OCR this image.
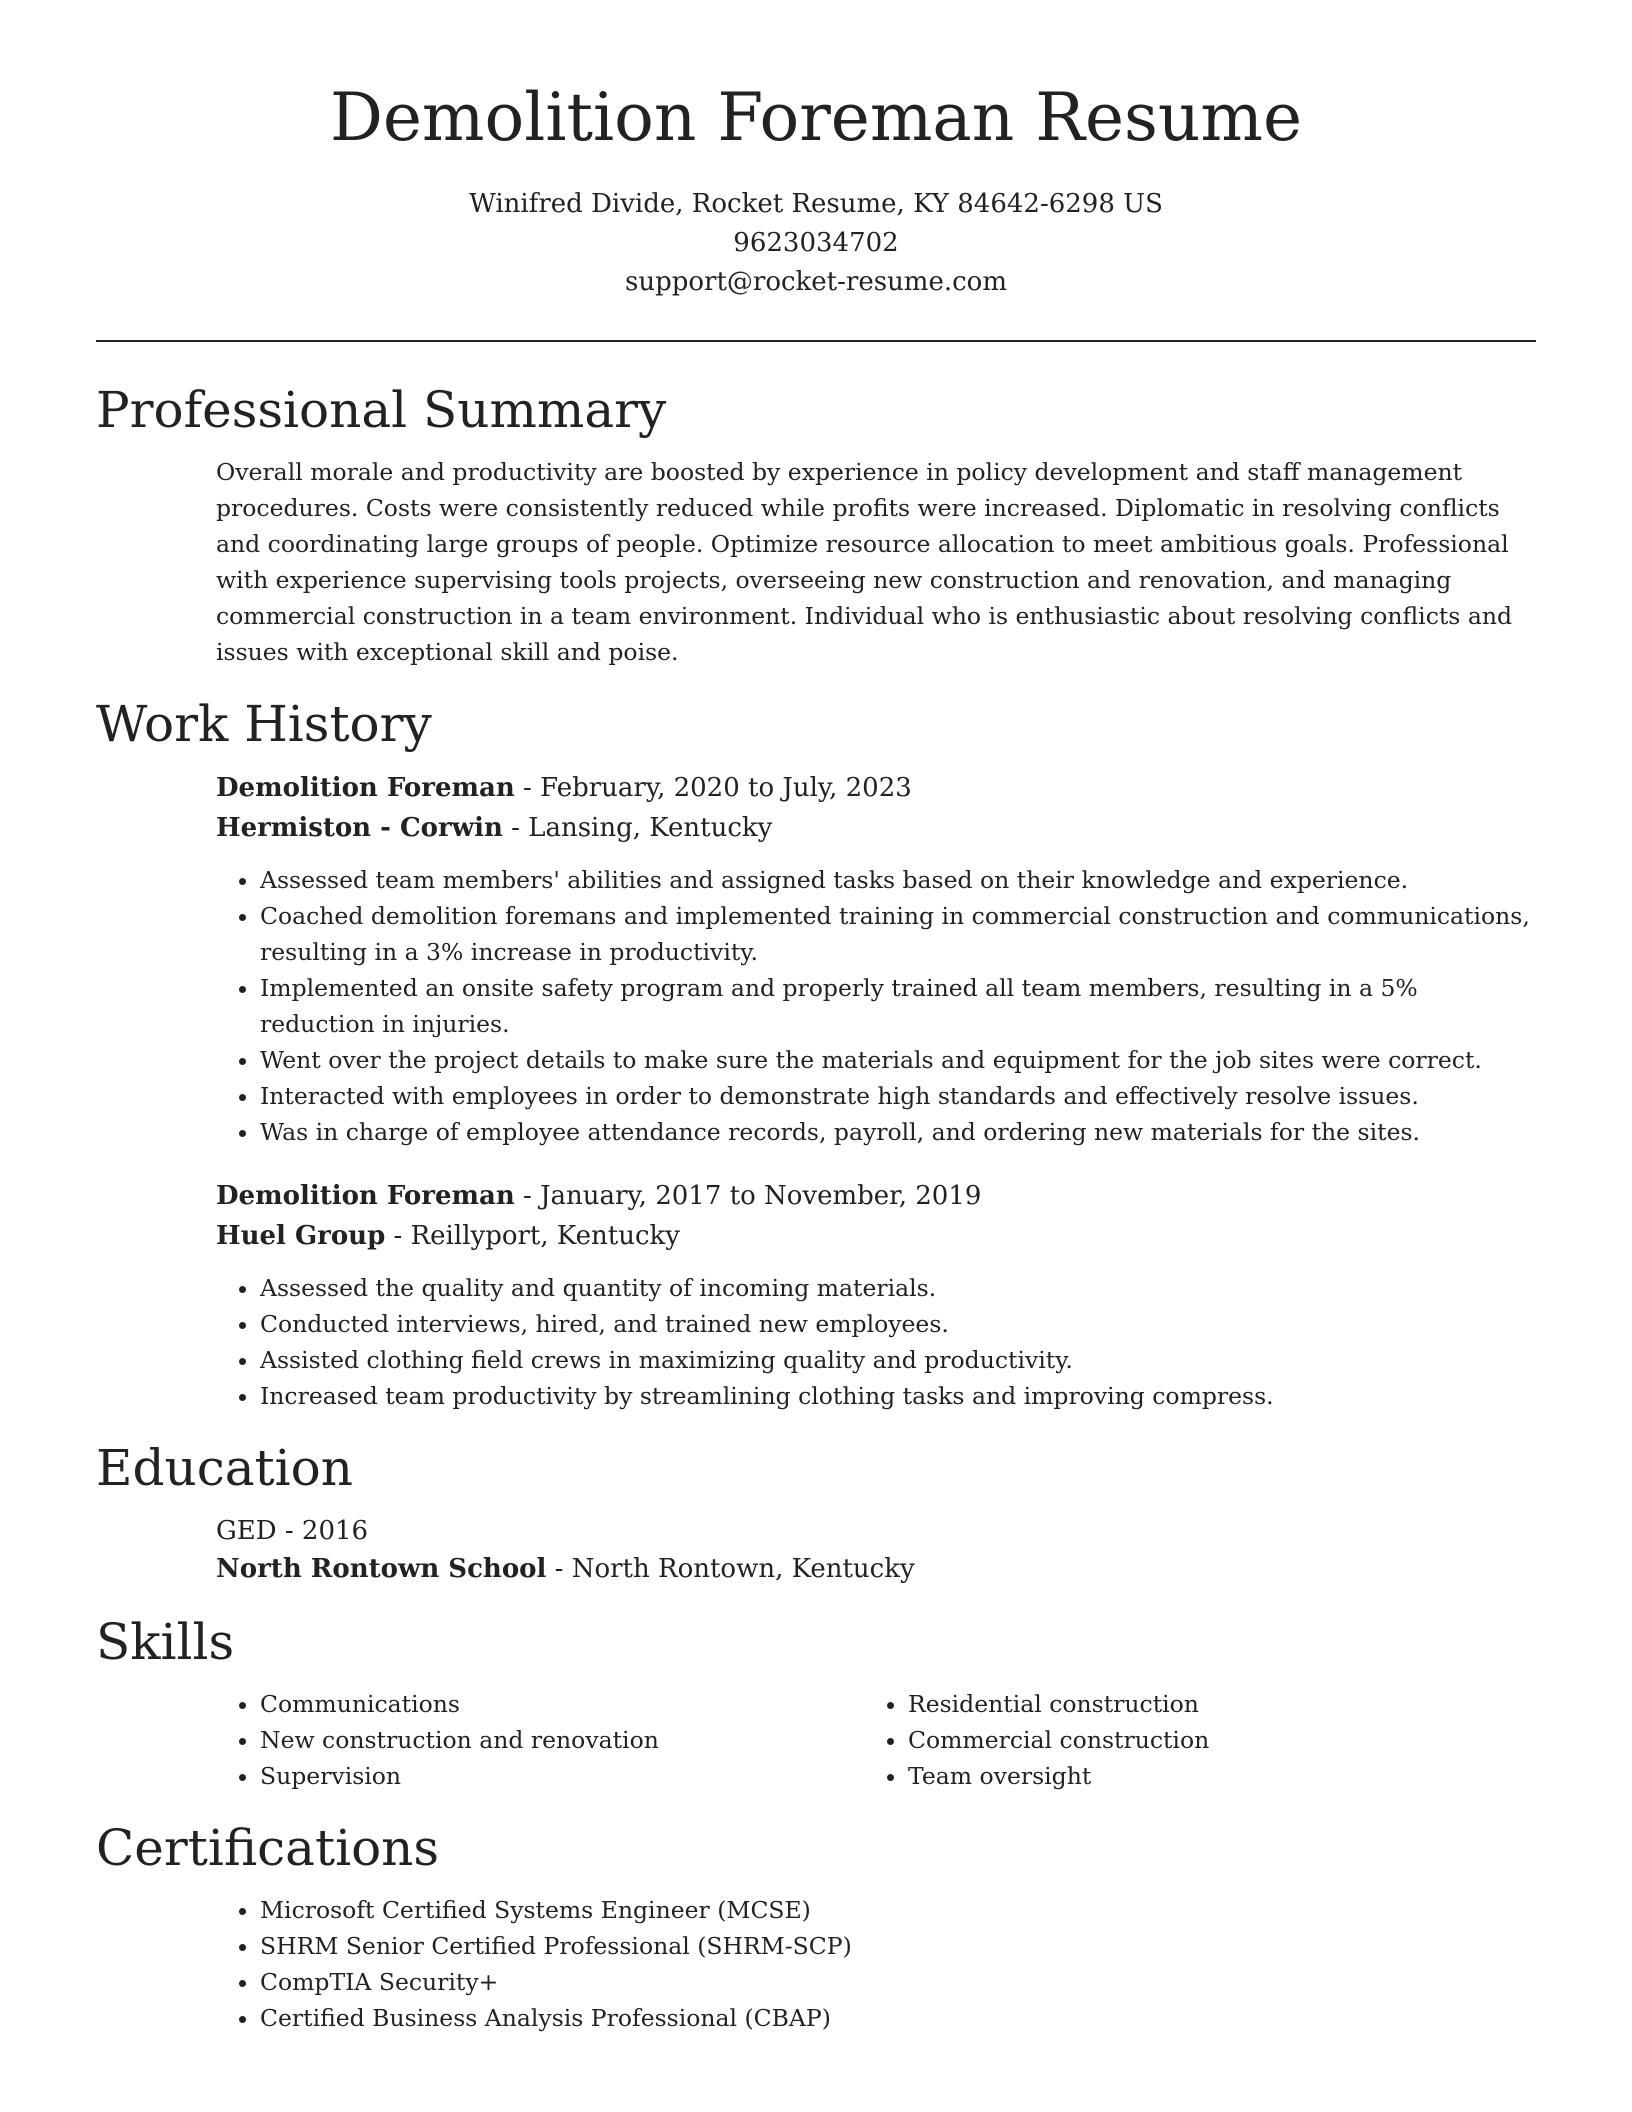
Demolition Foreman Resume

Winifred Divide, Rocket Resume, KY 84642-6298 US

9623034702

support@rocket-resume.com

Professional Summary

Overall morale and productivity are boosted by experience in policy development and staff management procedures. Costs were consistently reduced while profits were increased. Diplomatic in resolving conflicts and coordinating large groups of people. Optimize resource allocation to meet ambitious goals. Professional with experience supervising tools projects, overseeing new construction and renovation, and managing commercial construction in a team environment. Individual who is enthusiastic about resolving conflicts and issues with exceptional skill and poise.

Work History

Demolition Foreman - February, 2020 to July, 2023

Hermiston - Corwin - Lansing, Kentucky

• Assessed team members' abilities and assigned tasks based on their knowledge and experience.
• Coached demolition foremans and implemented training in commercial construction and communications, resulting in a 3% increase in productivity.
• Implemented an onsite safety program and properly trained all team members, resulting in a 5% reduction in injuries.
• Went over the project details to make sure the materials and equipment for the job sites were correct.
• Interacted with employees in order to demonstrate high standards and effectively resolve issues.
• Was in charge of employee attendance records, payroll, and ordering new materials for the sites.

Demolition Foreman - January, 2017 to November, 2019

Huel Group - Reillyport, Kentucky

• Assessed the quality and quantity of incoming materials.
• Conducted interviews, hired, and trained new employees.
• Assisted clothing field crews in maximizing quality and productivity.
• Increased team productivity by streamlining clothing tasks and improving compress.
Education

GED - 2016

North Rontown School - North Rontown, Kentucky

Skills
• Communications
• New construction and renovation
• Supervision
• Residential construction
• Commercial construction
• Team oversight
Certifications
• Microsoft Certified Systems Engineer (MCSE)
• SHRM Senior Certified Professional (SHRM-SCP)
• CompTIA Security+
• Certified Business Analysis Professional (CBAP)
